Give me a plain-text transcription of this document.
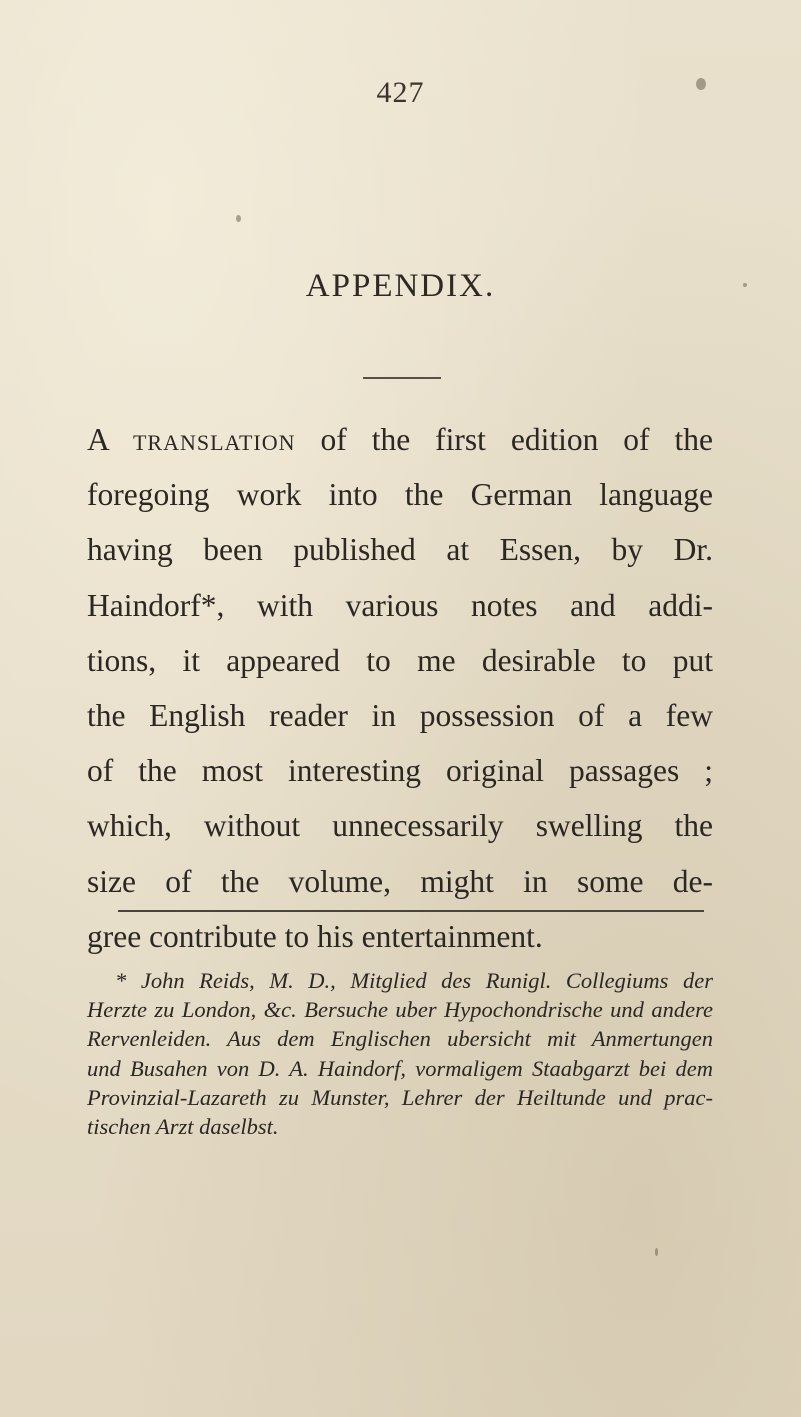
427
APPENDIX.
A translation of the first edition of the
foregoing work into the German language
having been published at Essen, by Dr.
Haindorf*, with various notes and addi-
tions, it appeared to me desirable to put
the English reader in possession of a few
of the most interesting original passages ;
which, without unnecessarily swelling the
size of the volume, might in some de-
gree contribute to his entertainment.
* John Reids, M. D., Mitglied des Runigl. Collegiums der
Herzte zu London, &c. Bersuche uber Hypochondrische und andere
Rervenleiden. Aus dem Englischen ubersicht mit Anmertungen
und Busahen von D. A. Haindorf, vormaligem Staabgarzt bei dem
Provinzial-Lazareth zu Munster, Lehrer der Heiltunde und prac-
tischen Arzt daselbst.
